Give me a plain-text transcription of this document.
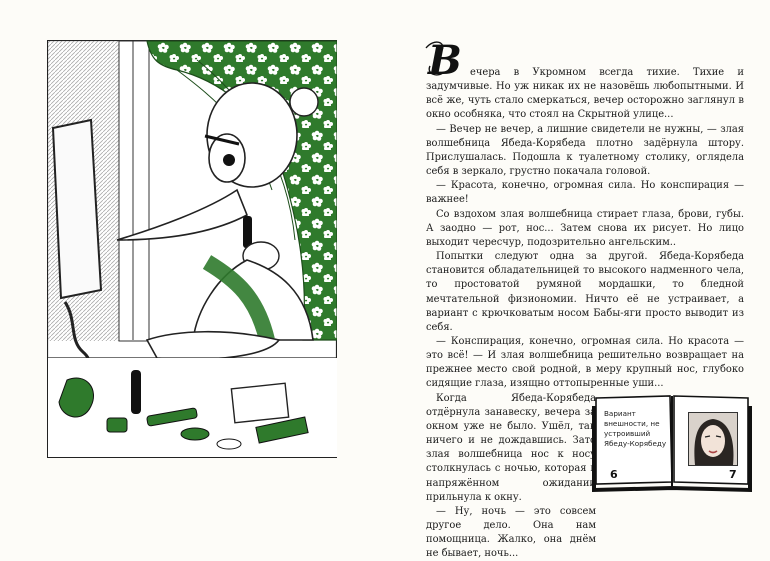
В ечера в Укромном всегда тихие. Тихие и задумчивые. Но уж никак их не назовёшь любопытными. И всё же, чуть стало смеркаться, вечер осторожно заглянул в окно особняка, что стоял на Скрытной улице...

— Вечер не вечер, а лишние свидетели не нужны, — злая волшебница Ябеда-Корябеда плотно задёрнула штору. Прислушалась. Подошла к туалетному столику, оглядела себя в зеркало, грустно покачала головой.

— Красота, конечно, огромная сила. Но конспирация — важнее!

Со вздохом злая волшебница стирает глаза, брови, губы. А заодно — рот, нос... Затем снова их рисует. Но лицо выходит чересчур, подозрительно ангельским..

Попытки следуют одна за другой. Ябеда-Корябеда становится обладательницей то высокого надменного чела, то простоватой румяной мордашки, то бледной мечтательной физиономии. Ничто её не устраивает, а вариант с крючковатым носом Бабы-яги просто выводит из себя.

— Конспирация, конечно, огромная сила. Но красота — это всё! — И злая волшебница решительно возвращает на прежнее место свой родной, в меру крупный нос, глубоко сидящие глаза, изящно оттопыренные уши...

Когда Ябеда-Корябеда отдёрнула занавеску, вечера за окном уже не было. Ушёл, так ничего и не дождавшись. Зато злая волшебница нос к носу столкнулась с ночью, которая в напряжённом ожидании прильнула к окну.

— Ну, ночь — это совсем другое дело. Она нам помощница. Жалко, она днём не бывает, ночь...

Вариант внешности, не устроивший Ябеду-Корябеду
6	7
